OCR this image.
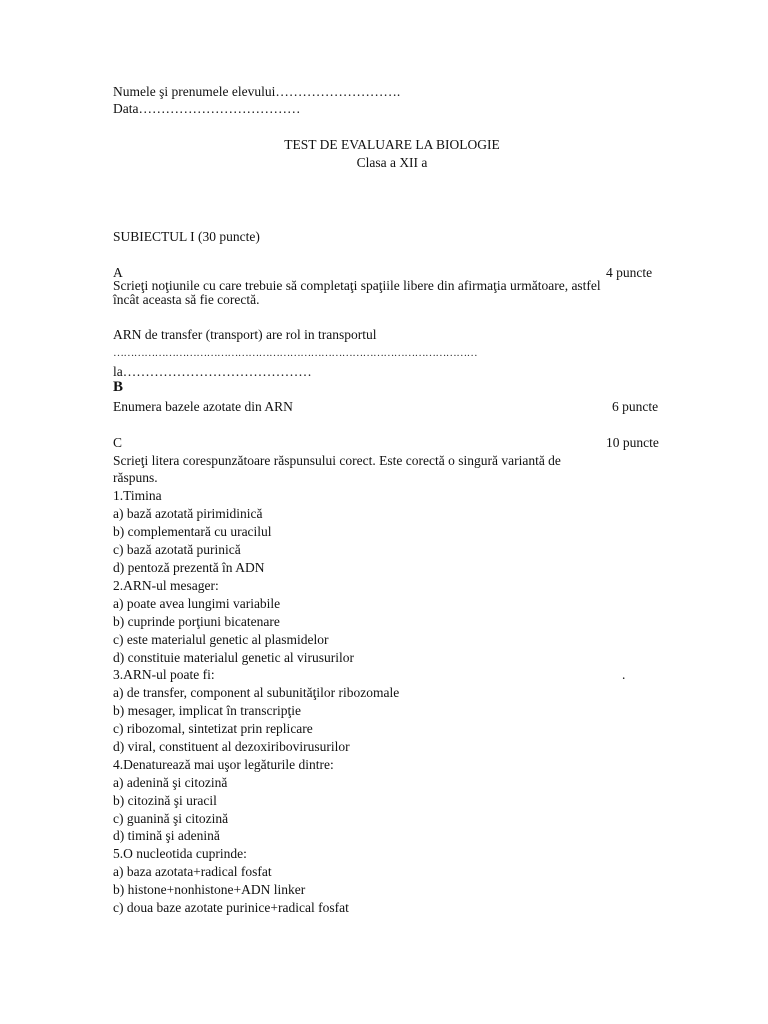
Numele şi prenumele elevului……………………….
Data………………………………
TEST DE EVALUARE LA BIOLOGIE
Clasa a XII a
SUBIECTUL I (30 puncte)
A	4 puncte
Scrieţi noţiunile cu care trebuie să completaţi spaţiile libere din afirmaţia următoare, astfel
încât aceasta să fie corectă.
ARN de transfer (transport) are rol in transportul
……………………………………………………………………………………………
la……………………………………
B
Enumera bazele azotate din ARN	6 puncte
C	10 puncte
Scrieţi litera corespunzătoare răspunsului corect. Este corectă o singură variantă de
răspuns.
1.Timina
a) bază azotată pirimidinică
b) complementară cu uracilul
c) bază azotată purinică
d) pentoză prezentă în ADN
2.ARN-ul mesager:
a) poate avea lungimi variabile
b) cuprinde porţiuni bicatenare
c) este materialul genetic al plasmidelor
d) constituie materialul genetic al virusurilor
3.ARN-ul poate fi:	.
a) de transfer, component al subunităţilor ribozomale
b) mesager, implicat în transcripţie
c) ribozomal, sintetizat prin replicare
d) viral, constituent al dezoxiribovirusurilor
4.Denaturează mai uşor legăturile dintre:
a) adenină şi citozină
b) citozină şi uracil
c) guanină şi citozină
d) timină şi adenină
5.O nucleotida cuprinde:
a) baza azotata+radical fosfat
b) histone+nonhistone+ADN linker
c) doua baze azotate purinice+radical fosfat
